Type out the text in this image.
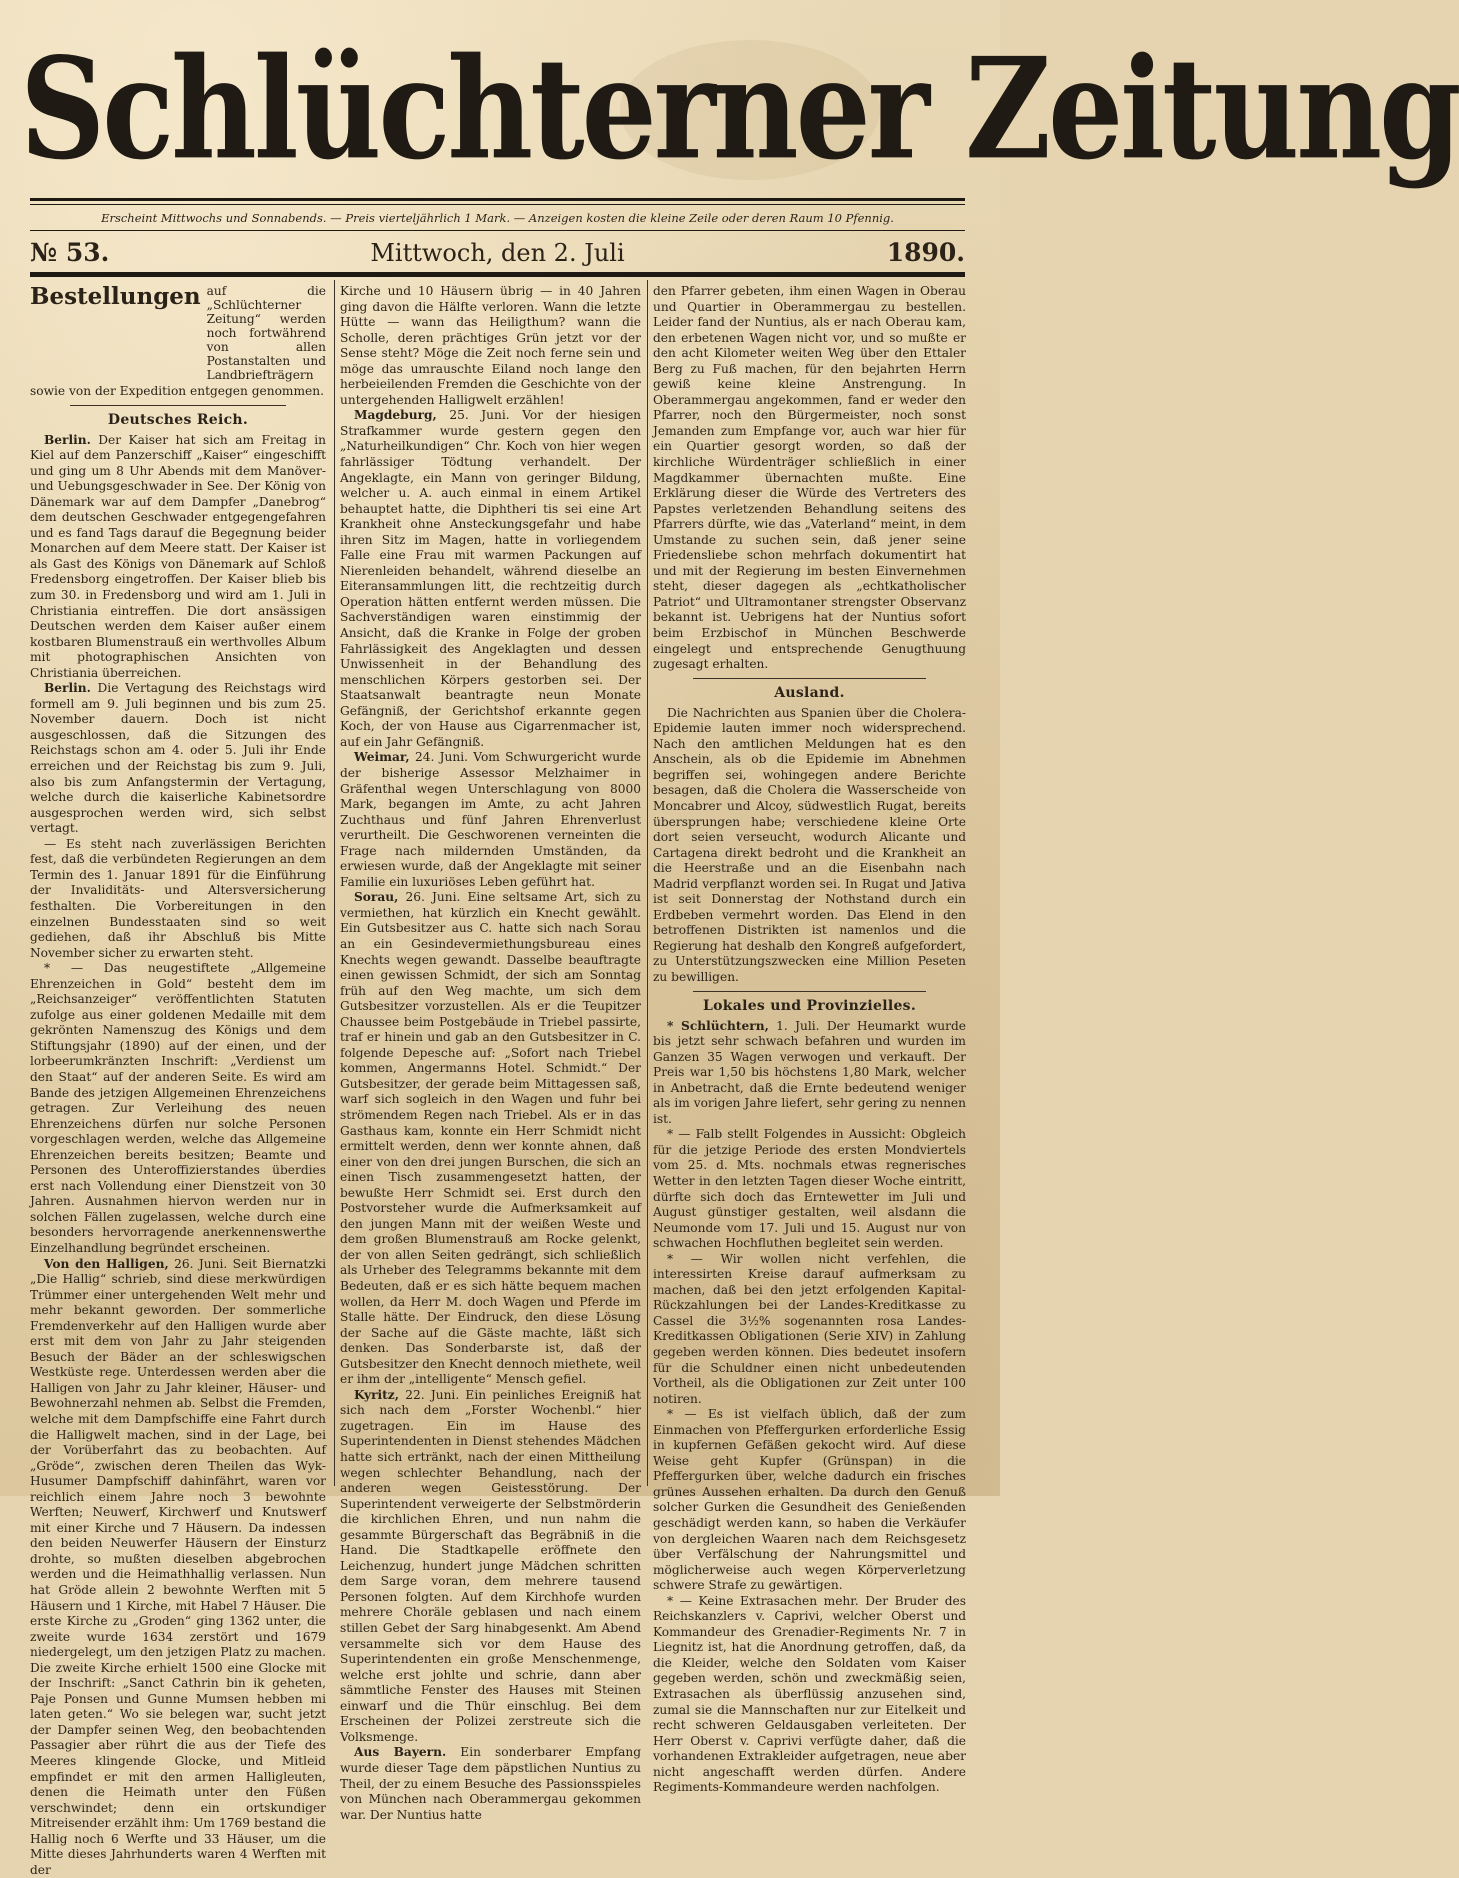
Schlüchterner Zeitung
Erscheint Mittwochs und Sonnabends. — Preis vierteljährlich 1 Mark. — Anzeigen kosten die kleine Zeile oder deren Raum 10 Pfennig.
Mittwoch, den 2. Juli
№ 53.	1890.
Bestellungen auf die „Schlüchterner Zeitung“ werden noch fortwährend von allen Postanstalten und Landbriefträgern

sowie von der Expedition entgegen genommen.

Deutsches Reich.

Berlin. Der Kaiser hat sich am Freitag in Kiel auf dem Panzerschiff „Kaiser“ eingeschifft und ging um 8 Uhr Abends mit dem Manöver- und Uebungsgeschwader in See. Der König von Dänemark war auf dem Dampfer „Danebrog“ dem deutschen Geschwader entgegengefahren und es fand Tags darauf die Begegnung beider Monarchen auf dem Meere statt. Der Kaiser ist als Gast des Königs von Dänemark auf Schloß Fredensborg eingetroffen. Der Kaiser blieb bis zum 30. in Fredensborg und wird am 1. Juli in Christiania eintreffen. Die dort ansässigen Deutschen werden dem Kaiser außer einem kostbaren Blumenstrauß ein werthvolles Album mit photographischen Ansichten von Christiania überreichen.

Berlin. Die Vertagung des Reichstags wird formell am 9. Juli beginnen und bis zum 25. November dauern. Doch ist nicht ausgeschlossen, daß die Sitzungen des Reichstags schon am 4. oder 5. Juli ihr Ende erreichen und der Reichstag bis zum 9. Juli, also bis zum Anfangstermin der Vertagung, welche durch die kaiserliche Kabinetsordre ausgesprochen werden wird, sich selbst vertagt.

— Es steht nach zuverlässigen Berichten fest, daß die verbündeten Regierungen an dem Termin des 1. Januar 1891 für die Einführung der Invaliditäts- und Altersversicherung festhalten. Die Vorbereitungen in den einzelnen Bundesstaaten sind so weit gediehen, daß ihr Abschluß bis Mitte November sicher zu erwarten steht.

* — Das neugestiftete „Allgemeine Ehrenzeichen in Gold“ besteht dem im „Reichsanzeiger“ veröffentlichten Statuten zufolge aus einer goldenen Medaille mit dem gekrönten Namenszug des Königs und dem Stiftungsjahr (1890) auf der einen, und der lorbeerumkränzten Inschrift: „Verdienst um den Staat“ auf der anderen Seite. Es wird am Bande des jetzigen Allgemeinen Ehrenzeichens getragen. Zur Verleihung des neuen Ehrenzeichens dürfen nur solche Personen vorgeschlagen werden, welche das Allgemeine Ehrenzeichen bereits besitzen; Beamte und Personen des Unteroffizierstandes überdies erst nach Vollendung einer Dienstzeit von 30 Jahren. Ausnahmen hiervon werden nur in solchen Fällen zugelassen, welche durch eine besonders hervorragende anerkennenswerthe Einzelhandlung begründet erscheinen.

Von den Halligen, 26. Juni. Seit Biernatzki „Die Hallig“ schrieb, sind diese merkwürdigen Trümmer einer untergehenden Welt mehr und mehr bekannt geworden. Der sommerliche Fremdenverkehr auf den Halligen wurde aber erst mit dem von Jahr zu Jahr steigenden Besuch der Bäder an der schleswigschen Westküste rege. Unterdessen werden aber die Halligen von Jahr zu Jahr kleiner, Häuser- und Bewohnerzahl nehmen ab. Selbst die Fremden, welche mit dem Dampfschiffe eine Fahrt durch die Halligwelt machen, sind in der Lage, bei der Vorüberfahrt das zu beobachten. Auf „Gröde“, zwischen deren Theilen das Wyk-Husumer Dampfschiff dahinfährt, waren vor reichlich einem Jahre noch 3 bewohnte Werften; Neuwerf, Kirchwerf und Knutswerf mit einer Kirche und 7 Häusern. Da indessen den beiden Neuwerfer Häusern der Einsturz drohte, so mußten dieselben abgebrochen werden und die Heimathhallig verlassen. Nun hat Gröde allein 2 bewohnte Werften mit 5 Häusern und 1 Kirche, mit Habel 7 Häuser. Die erste Kirche zu „Groden“ ging 1362 unter, die zweite wurde 1634 zerstört und 1679 niedergelegt, um den jetzigen Platz zu machen. Die zweite Kirche erhielt 1500 eine Glocke mit der Inschrift: „Sanct Cathrin bin ik geheten, Paje Ponsen und Gunne Mumsen hebben mi laten geten.“ Wo sie belegen war, sucht jetzt der Dampfer seinen Weg, den beobachtenden Passagier aber rührt die aus der Tiefe des Meeres klingende Glocke, und Mitleid empfindet er mit den armen Halligleuten, denen die Heimath unter den Füßen verschwindet; denn ein ortskundiger Mitreisender erzählt ihm: Um 1769 bestand die Hallig noch 6 Werfte und 33 Häuser, um die Mitte dieses Jahrhunderts waren 4 Werften mit der

Kirche und 10 Häusern übrig — in 40 Jahren ging davon die Hälfte verloren. Wann die letzte Hütte — wann das Heiligthum? wann die Scholle, deren prächtiges Grün jetzt vor der Sense steht? Möge die Zeit noch ferne sein und möge das umrauschte Eiland noch lange den herbeieilenden Fremden die Geschichte von der untergehenden Halligwelt erzählen!

Magdeburg, 25. Juni. Vor der hiesigen Strafkammer wurde gestern gegen den „Naturheilkundigen“ Chr. Koch von hier wegen fahrlässiger Tödtung verhandelt. Der Angeklagte, ein Mann von geringer Bildung, welcher u. A. auch einmal in einem Artikel behauptet hatte, die Diphtheri tis sei eine Art Krankheit ohne Ansteckungsgefahr und habe ihren Sitz im Magen, hatte in vorliegendem Falle eine Frau mit warmen Packungen auf Nierenleiden behandelt, während dieselbe an Eiteransammlungen litt, die rechtzeitig durch Operation hätten entfernt werden müssen. Die Sachverständigen waren einstimmig der Ansicht, daß die Kranke in Folge der groben Fahrlässigkeit des Angeklagten und dessen Unwissenheit in der Behandlung des menschlichen Körpers gestorben sei. Der Staatsanwalt beantragte neun Monate Gefängniß, der Gerichtshof erkannte gegen Koch, der von Hause aus Cigarrenmacher ist, auf ein Jahr Gefängniß.

Weimar, 24. Juni. Vom Schwurgericht wurde der bisherige Assessor Melzhaimer in Gräfenthal wegen Unterschlagung von 8000 Mark, begangen im Amte, zu acht Jahren Zuchthaus und fünf Jahren Ehrenverlust verurtheilt. Die Geschworenen verneinten die Frage nach mildernden Umständen, da erwiesen wurde, daß der Angeklagte mit seiner Familie ein luxuriöses Leben geführt hat.

Sorau, 26. Juni. Eine seltsame Art, sich zu vermiethen, hat kürzlich ein Knecht gewählt. Ein Gutsbesitzer aus C. hatte sich nach Sorau an ein Gesindevermiethungsbureau eines Knechts wegen gewandt. Dasselbe beauftragte einen gewissen Schmidt, der sich am Sonntag früh auf den Weg machte, um sich dem Gutsbesitzer vorzustellen. Als er die Teupitzer Chaussee beim Postgebäude in Triebel passirte, traf er hinein und gab an den Gutsbesitzer in C. folgende Depesche auf: „Sofort nach Triebel kommen, Angermanns Hotel. Schmidt.“ Der Gutsbesitzer, der gerade beim Mittagessen saß, warf sich sogleich in den Wagen und fuhr bei strömendem Regen nach Triebel. Als er in das Gasthaus kam, konnte ein Herr Schmidt nicht ermittelt werden, denn wer konnte ahnen, daß einer von den drei jungen Burschen, die sich an einen Tisch zusammengesetzt hatten, der bewußte Herr Schmidt sei. Erst durch den Postvorsteher wurde die Aufmerksamkeit auf den jungen Mann mit der weißen Weste und dem großen Blumenstrauß am Rocke gelenkt, der von allen Seiten gedrängt, sich schließlich als Urheber des Telegramms bekannte mit dem Bedeuten, daß er es sich hätte bequem machen wollen, da Herr M. doch Wagen und Pferde im Stalle hätte. Der Eindruck, den diese Lösung der Sache auf die Gäste machte, läßt sich denken. Das Sonderbarste ist, daß der Gutsbesitzer den Knecht dennoch miethete, weil er ihm der „intelligente“ Mensch gefiel.

Kyritz, 22. Juni. Ein peinliches Ereigniß hat sich nach dem „Forster Wochenbl.“ hier zugetragen. Ein im Hause des Superintendenten in Dienst stehendes Mädchen hatte sich ertränkt, nach der einen Mittheilung wegen schlechter Behandlung, nach der anderen wegen Geistesstörung. Der Superintendent verweigerte der Selbstmörderin die kirchlichen Ehren, und nun nahm die gesammte Bürgerschaft das Begräbniß in die Hand. Die Stadtkapelle eröffnete den Leichenzug, hundert junge Mädchen schritten dem Sarge voran, dem mehrere tausend Personen folgten. Auf dem Kirchhofe wurden mehrere Choräle geblasen und nach einem stillen Gebet der Sarg hinabgesenkt. Am Abend versammelte sich vor dem Hause des Superintendenten ein große Menschenmenge, welche erst johlte und schrie, dann aber sämmtliche Fenster des Hauses mit Steinen einwarf und die Thür einschlug. Bei dem Erscheinen der Polizei zerstreute sich die Volksmenge.

Aus Bayern. Ein sonderbarer Empfang wurde dieser Tage dem päpstlichen Nuntius zu Theil, der zu einem Besuche des Passionsspieles von München nach Oberammergau gekommen war. Der Nuntius hatte

den Pfarrer gebeten, ihm einen Wagen in Oberau und Quartier in Oberammergau zu bestellen. Leider fand der Nuntius, als er nach Oberau kam, den erbetenen Wagen nicht vor, und so mußte er den acht Kilometer weiten Weg über den Ettaler Berg zu Fuß machen, für den bejahrten Herrn gewiß keine kleine Anstrengung. In Oberammergau angekommen, fand er weder den Pfarrer, noch den Bürgermeister, noch sonst Jemanden zum Empfange vor, auch war hier für ein Quartier gesorgt worden, so daß der kirchliche Würdenträger schließlich in einer Magdkammer übernachten mußte. Eine Erklärung dieser die Würde des Vertreters des Papstes verletzenden Behandlung seitens des Pfarrers dürfte, wie das „Vaterland“ meint, in dem Umstande zu suchen sein, daß jener seine Friedensliebe schon mehrfach dokumentirt hat und mit der Regierung im besten Einvernehmen steht, dieser dagegen als „echtkatholischer Patriot“ und Ultramontaner strengster Observanz bekannt ist. Uebrigens hat der Nuntius sofort beim Erzbischof in München Beschwerde eingelegt und entsprechende Genugthuung zugesagt erhalten.

Ausland.

Die Nachrichten aus Spanien über die Cholera-Epidemie lauten immer noch widersprechend. Nach den amtlichen Meldungen hat es den Anschein, als ob die Epidemie im Abnehmen begriffen sei, wohingegen andere Berichte besagen, daß die Cholera die Wasserscheide von Moncabrer und Alcoy, südwestlich Rugat, bereits übersprungen habe; verschiedene kleine Orte dort seien verseucht, wodurch Alicante und Cartagena direkt bedroht und die Krankheit an die Heerstraße und an die Eisenbahn nach Madrid verpflanzt worden sei. In Rugat und Jativa ist seit Donnerstag der Nothstand durch ein Erdbeben vermehrt worden. Das Elend in den betroffenen Distrikten ist namenlos und die Regierung hat deshalb den Kongreß aufgefordert, zu Unterstützungszwecken eine Million Peseten zu bewilligen.

Lokales und Provinzielles.

* Schlüchtern, 1. Juli. Der Heumarkt wurde bis jetzt sehr schwach befahren und wurden im Ganzen 35 Wagen verwogen und verkauft. Der Preis war 1,50 bis höchstens 1,80 Mark, welcher in Anbetracht, daß die Ernte bedeutend weniger als im vorigen Jahre liefert, sehr gering zu nennen ist.

* — Falb stellt Folgendes in Aussicht: Obgleich für die jetzige Periode des ersten Mondviertels vom 25. d. Mts. nochmals etwas regnerisches Wetter in den letzten Tagen dieser Woche eintritt, dürfte sich doch das Erntewetter im Juli und August günstiger gestalten, weil alsdann die Neumonde vom 17. Juli und 15. August nur von schwachen Hochfluthen begleitet sein werden.

* — Wir wollen nicht verfehlen, die interessirten Kreise darauf aufmerksam zu machen, daß bei den jetzt erfolgenden Kapital-Rückzahlungen bei der Landes-Kreditkasse zu Cassel die 3½% sogenannten rosa Landes-Kreditkassen Obligationen (Serie XIV) in Zahlung gegeben werden können. Dies bedeutet insofern für die Schuldner einen nicht unbedeutenden Vortheil, als die Obligationen zur Zeit unter 100 notiren.

* — Es ist vielfach üblich, daß der zum Einmachen von Pfeffergurken erforderliche Essig in kupfernen Gefäßen gekocht wird. Auf diese Weise geht Kupfer (Grünspan) in die Pfeffergurken über, welche dadurch ein frisches grünes Aussehen erhalten. Da durch den Genuß solcher Gurken die Gesundheit des Genießenden geschädigt werden kann, so haben die Verkäufer von dergleichen Waaren nach dem Reichsgesetz über Verfälschung der Nahrungsmittel und möglicherweise auch wegen Körperverletzung schwere Strafe zu gewärtigen.

* — Keine Extrasachen mehr. Der Bruder des Reichskanzlers v. Caprivi, welcher Oberst und Kommandeur des Grenadier-Regiments Nr. 7 in Liegnitz ist, hat die Anordnung getroffen, daß, da die Kleider, welche den Soldaten vom Kaiser gegeben werden, schön und zweckmäßig seien, Extrasachen als überflüssig anzusehen sind, zumal sie die Mannschaften nur zur Eitelkeit und recht schweren Geldausgaben verleiteten. Der Herr Oberst v. Caprivi verfügte daher, daß die vorhandenen Extrakleider aufgetragen, neue aber nicht angeschafft werden dürfen. Andere Regiments-Kommandeure werden nachfolgen.
